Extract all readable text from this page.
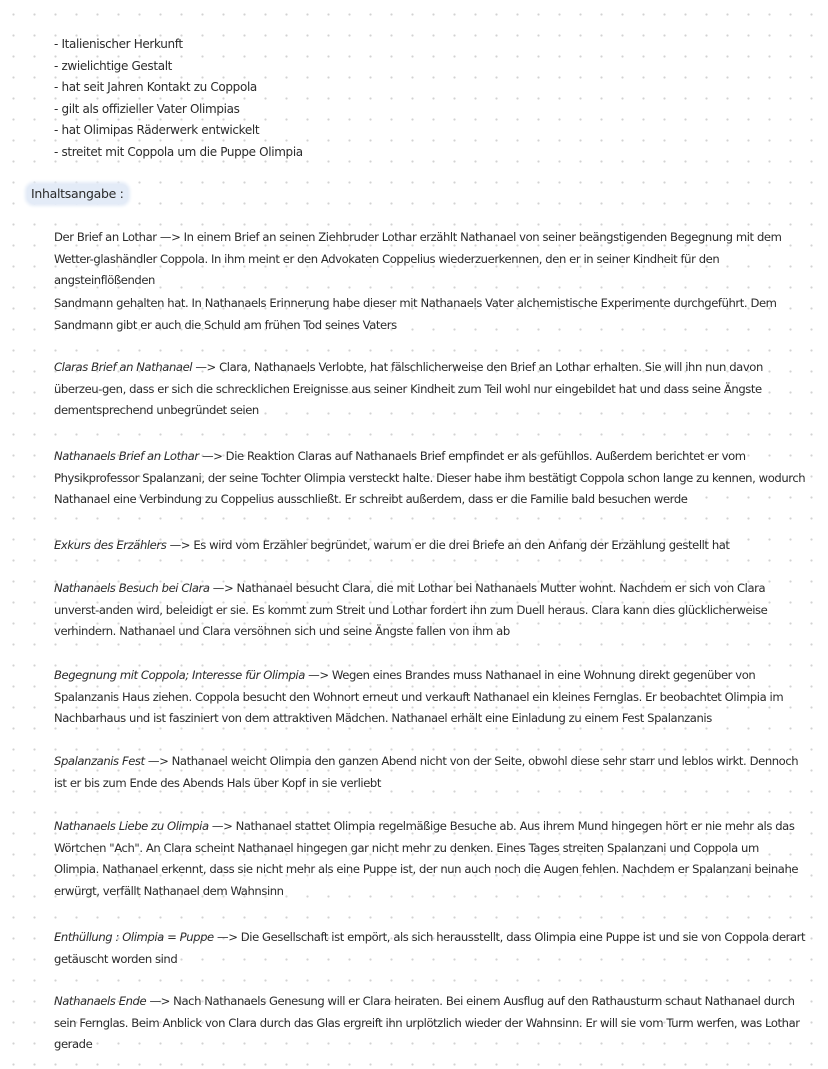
- Italienischer Herkunft
- zwielichtige Gestalt
- hat seit Jahren Kontakt zu Coppola
- gilt als offizieller Vater Olimpias
- hat Olimipas Räderwerk entwickelt
- streitet mit Coppola um die Puppe Olimpia
Inhaltsangabe :

Der Brief an Lothar —> In einem Brief an seinen Ziehbruder Lothar erzählt Nathanael von seiner beängstigenden Begegnung mit dem Wetter-glashändler Coppola. In ihm meint er den Advokaten Coppelius wiederzuerkennen, den er in seiner Kindheit für den angsteinflößenden

Sandmann gehalten hat. In Nathanaels Erinnerung habe dieser mit Nathanaels Vater alchemistische Experimente durchgeführt. Dem Sandmann gibt er auch die Schuld am frühen Tod seines Vaters

Claras Brief an Nathanael —> Clara, Nathanaels Verlobte, hat fälschlicherweise den Brief an Lothar erhalten. Sie will ihn nun davon überzeu-gen, dass er sich die schrecklichen Ereignisse aus seiner Kindheit zum Teil wohl nur eingebildet hat und dass seine Ängste dementsprechend unbegründet seien

Nathanaels Brief an Lothar —> Die Reaktion Claras auf Nathanaels Brief empfindet er als gefühllos. Außerdem berichtet er vom Physikprofessor Spalanzani, der seine Tochter Olimpia versteckt halte. Dieser habe ihm bestätigt Coppola schon lange zu kennen, wodurch Nathanael eine Verbindung zu Coppelius ausschließt. Er schreibt außerdem, dass er die Familie bald besuchen werde

Exkurs des Erzählers —> Es wird vom Erzähler begründet, warum er die drei Briefe an den Anfang der Erzählung gestellt hat

Nathanaels Besuch bei Clara —> Nathanael besucht Clara, die mit Lothar bei Nathanaels Mutter wohnt. Nachdem er sich von Clara unverst-anden wird, beleidigt er sie. Es kommt zum Streit und Lothar fordert ihn zum Duell heraus. Clara kann dies glücklicherweise verhindern. Nathanael und Clara versöhnen sich und seine Ängste fallen von ihm ab

Begegnung mit Coppola; Interesse für Olimpia —> Wegen eines Brandes muss Nathanael in eine Wohnung direkt gegenüber von Spalanzanis Haus ziehen. Coppola besucht den Wohnort erneut und verkauft Nathanael ein kleines Fernglas. Er beobachtet Olimpia im Nachbarhaus und ist fasziniert von dem attraktiven Mädchen. Nathanael erhält eine Einladung zu einem Fest Spalanzanis

Spalanzanis Fest —> Nathanael weicht Olimpia den ganzen Abend nicht von der Seite, obwohl diese sehr starr und leblos wirkt. Dennoch ist er bis zum Ende des Abends Hals über Kopf in sie verliebt

Nathanaels Liebe zu Olimpia —> Nathanael stattet Olimpia regelmäßige Besuche ab. Aus ihrem Mund hingegen hört er nie mehr als das Wörtchen "Ach". An Clara scheint Nathanael hingegen gar nicht mehr zu denken. Eines Tages streiten Spalanzani und Coppola um Olimpia. Nathanael erkennt, dass sie nicht mehr als eine Puppe ist, der nun auch noch die Augen fehlen. Nachdem er Spalanzani beinahe erwürgt, verfällt Nathanael dem Wahnsinn

Enthüllung : Olimpia = Puppe —> Die Gesellschaft ist empört, als sich herausstellt, dass Olimpia eine Puppe ist und sie von Coppola derart getäuscht worden sind

Nathanaels Ende —> Nach Nathanaels Genesung will er Clara heiraten. Bei einem Ausflug auf den Rathausturm schaut Nathanael durch sein Fernglas. Beim Anblick von Clara durch das Glas ergreift ihn urplötzlich wieder der Wahnsinn. Er will sie vom Turm werfen, was Lothar gerade
